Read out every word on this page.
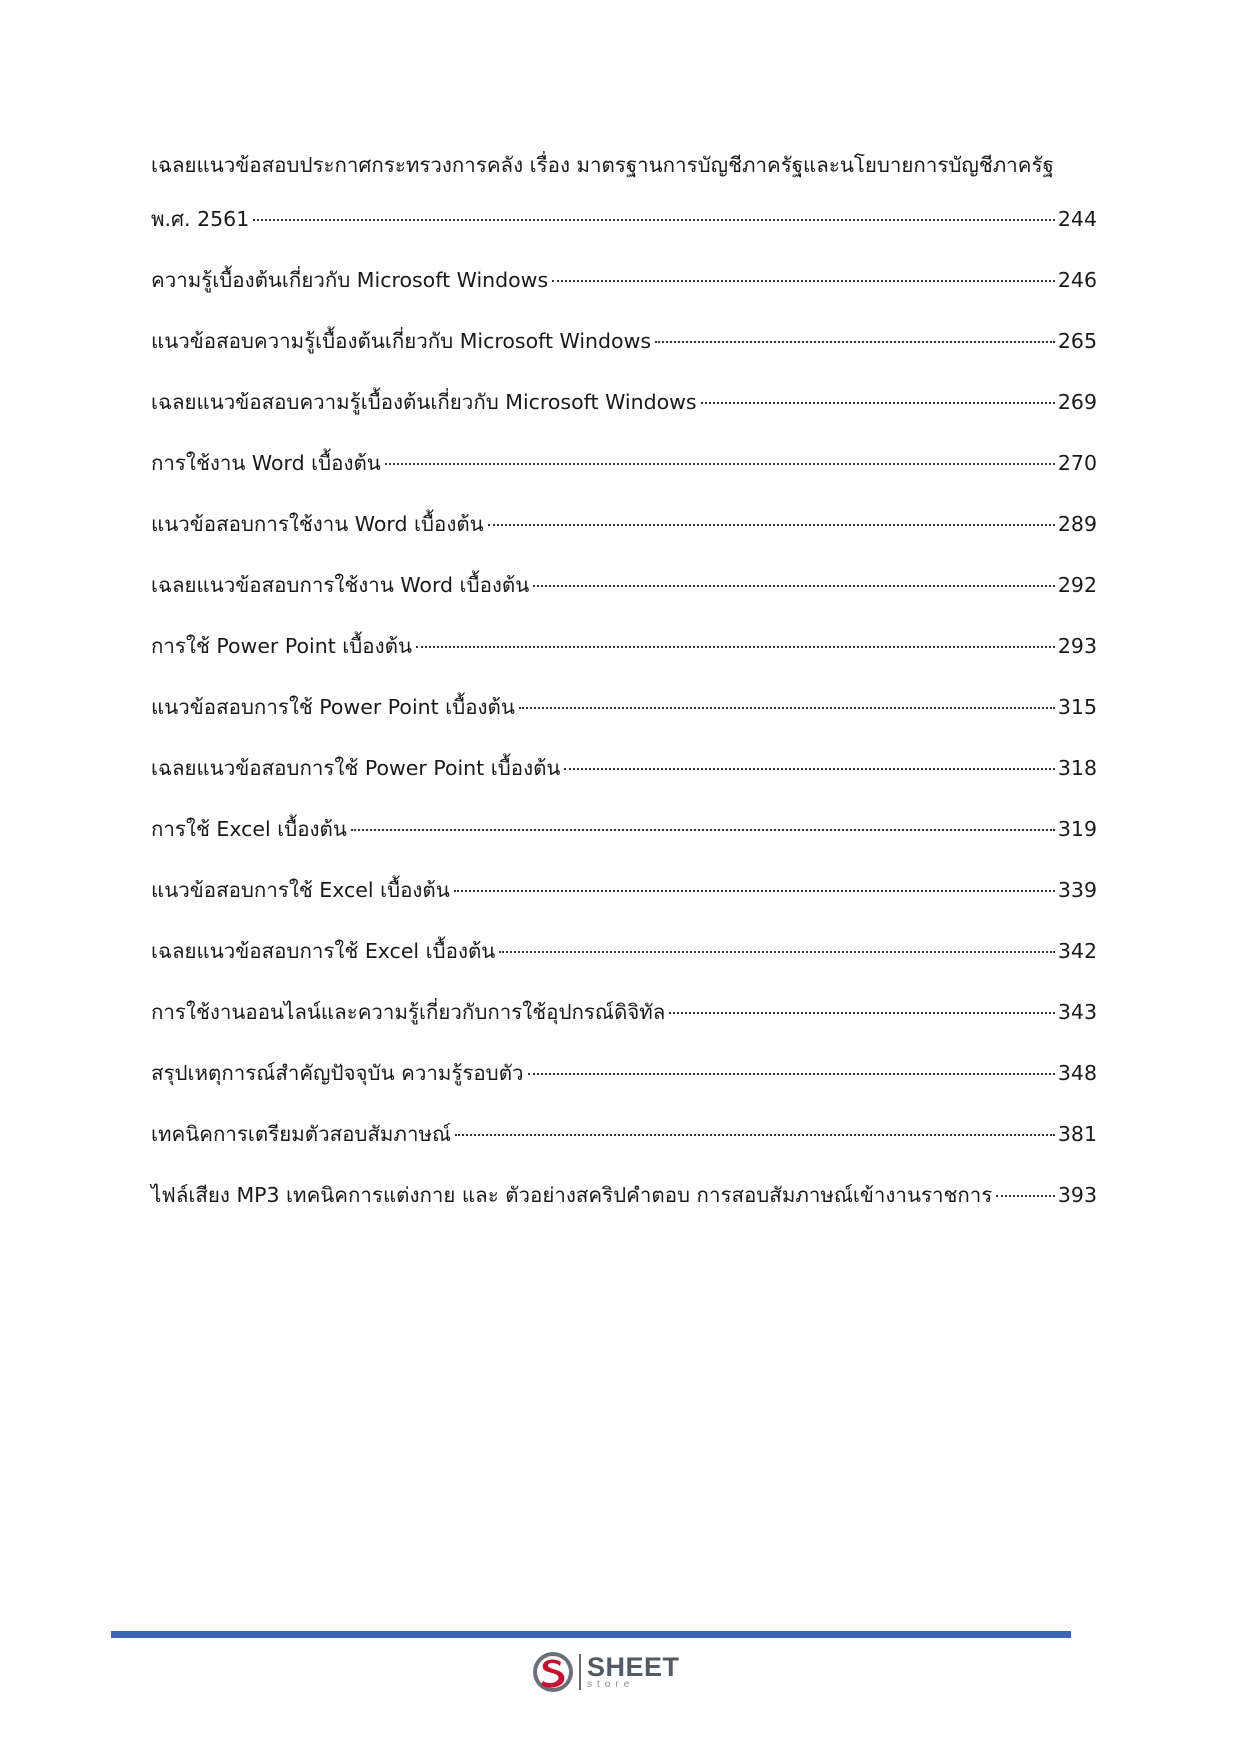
เฉลยแนวข้อสอบประกาศกระทรวงการคลัง เรื่อง มาตรฐานการบัญชีภาครัฐและนโยบายการบัญชีภาครัฐ
พ.ศ. 2561	244
ความรู้เบื้องต้นเกี่ยวกับ Microsoft Windows	246
แนวข้อสอบความรู้เบื้องต้นเกี่ยวกับ Microsoft Windows	265
เฉลยแนวข้อสอบความรู้เบื้องต้นเกี่ยวกับ Microsoft Windows	269
การใช้งาน Word เบื้องต้น	270
แนวข้อสอบการใช้งาน Word เบื้องต้น	289
เฉลยแนวข้อสอบการใช้งาน Word เบื้องต้น	292
การใช้ Power Point เบื้องต้น	293
แนวข้อสอบการใช้ Power Point เบื้องต้น	315
เฉลยแนวข้อสอบการใช้ Power Point เบื้องต้น	318
การใช้ Excel เบื้องต้น	319
แนวข้อสอบการใช้ Excel เบื้องต้น	339
เฉลยแนวข้อสอบการใช้ Excel เบื้องต้น	342
การใช้งานออนไลน์และความรู้เกี่ยวกับการใช้อุปกรณ์ดิจิทัล	343
สรุปเหตุการณ์สำคัญปัจจุบัน ความรู้รอบตัว	348
เทคนิคการเตรียมตัวสอบสัมภาษณ์	381
ไฟล์เสียง MP3 เทคนิคการแต่งกาย และ ตัวอย่างสคริปคำตอบ การสอบสัมภาษณ์เข้างานราชการ	393
SHEET
store
